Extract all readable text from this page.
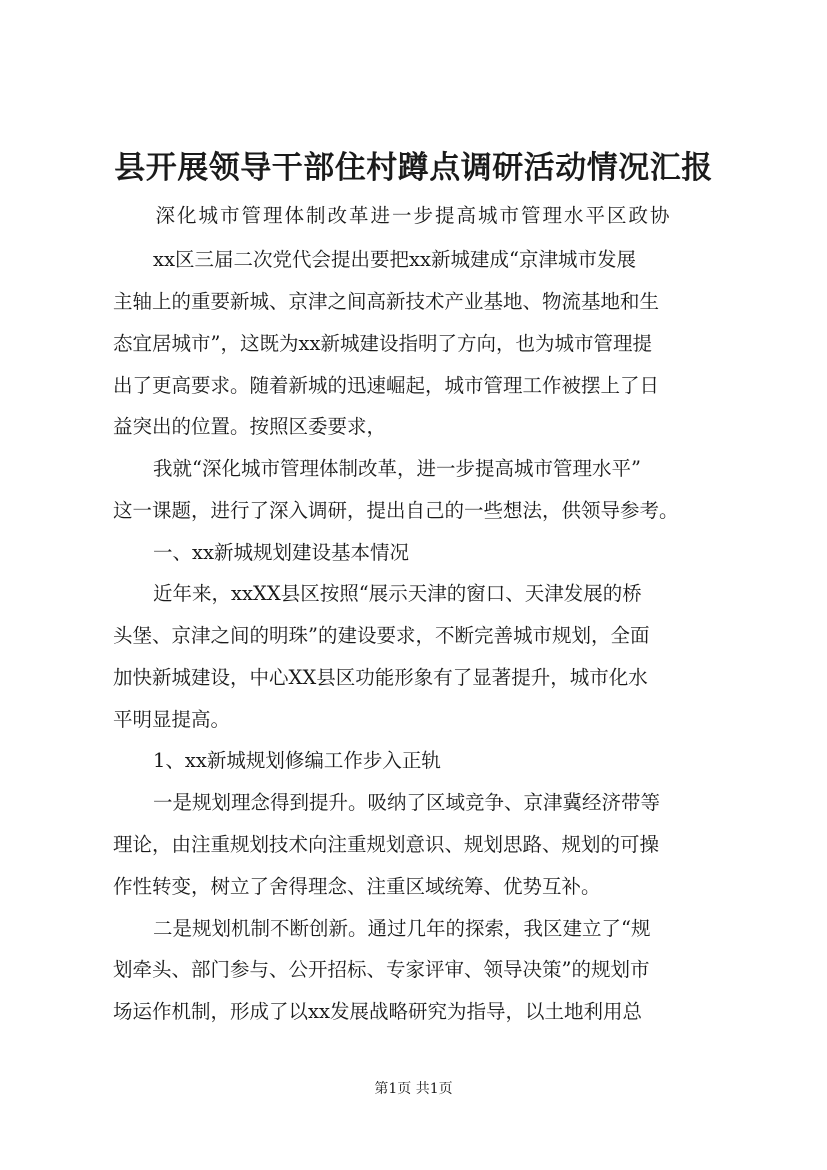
县开展领导干部住村蹲点调研活动情况汇报
深化城市管理体制改革进一步提高城市管理水平区政协
xx区三届二次党代会提出要把xx新城建成“京津城市发展
主轴上的重要新城、京津之间高新技术产业基地、物流基地和生
态宜居城市”，这既为xx新城建设指明了方向，也为城市管理提
出了更高要求。随着新城的迅速崛起，城市管理工作被摆上了日
益突出的位置。按照区委要求，
我就“深化城市管理体制改革，进一步提高城市管理水平”
这一课题，进行了深入调研，提出自己的一些想法，供领导参考。
一、xx新城规划建设基本情况
近年来，xxXX县区按照“展示天津的窗口、天津发展的桥
头堡、京津之间的明珠”的建设要求，不断完善城市规划，全面
加快新城建设，中心XX县区功能形象有了显著提升，城市化水
平明显提高。
1、xx新城规划修编工作步入正轨
一是规划理念得到提升。吸纳了区域竞争、京津冀经济带等
理论，由注重规划技术向注重规划意识、规划思路、规划的可操
作性转变，树立了舍得理念、注重区域统筹、优势互补。
二是规划机制不断创新。通过几年的探索，我区建立了“规
划牵头、部门参与、公开招标、专家评审、领导决策”的规划市
场运作机制，形成了以xx发展战略研究为指导，以土地利用总
第1页 共1页
